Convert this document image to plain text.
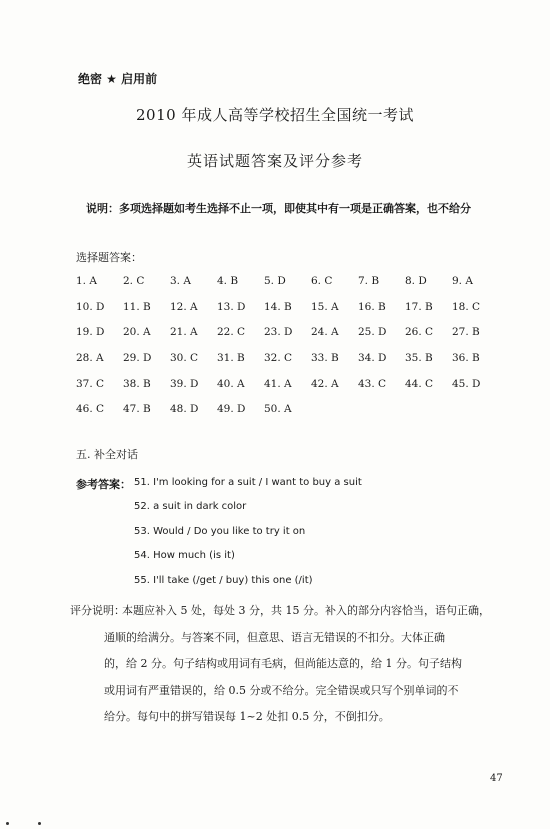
绝密 ★ 启用前
2010 年成人高等学校招生全国统一考试
英语试题答案及评分参考
说明：多项选择题如考生选择不止一项，即使其中有一项是正确答案，也不给分
选择题答案：
1. A 2. C 3. A 4. B 5. D 6. C 7. B 8. D 9. A
10. D 11. B 12. A 13. D 14. B 15. A 16. B 17. B 18. C
19. D 20. A 21. A 22. C 23. D 24. A 25. D 26. C 27. B
28. A 29. D 30. C 31. B 32. C 33. B 34. D 35. B 36. B
37. C 38. B 39. D 40. A 41. A 42. A 43. C 44. C 45. D
46. C 47. B 48. D 49. D 50. A
五. 补全对话
参考答案： 51. I'm looking for a suit / I want to buy a suit
52. a suit in dark color
53. Would / Do you like to try it on
54. How much (is it)
55. I'll take (/get / buy) this one (/it)
评分说明：
本题应补入 5 处，每处 3 分，共 15 分。补入的部分内容恰当，语句正确，
通顺的给满分。与答案不同，但意思、语言无错误的不扣分。大体正确
的，给 2 分。句子结构或用词有毛病，但尚能达意的，给 1 分。句子结构
或用词有严重错误的，给 0.5 分或不给分。完全错误或只写个别单词的不
给分。每句中的拼写错误每 1~2 处扣 0.5 分，不倒扣分。
47
